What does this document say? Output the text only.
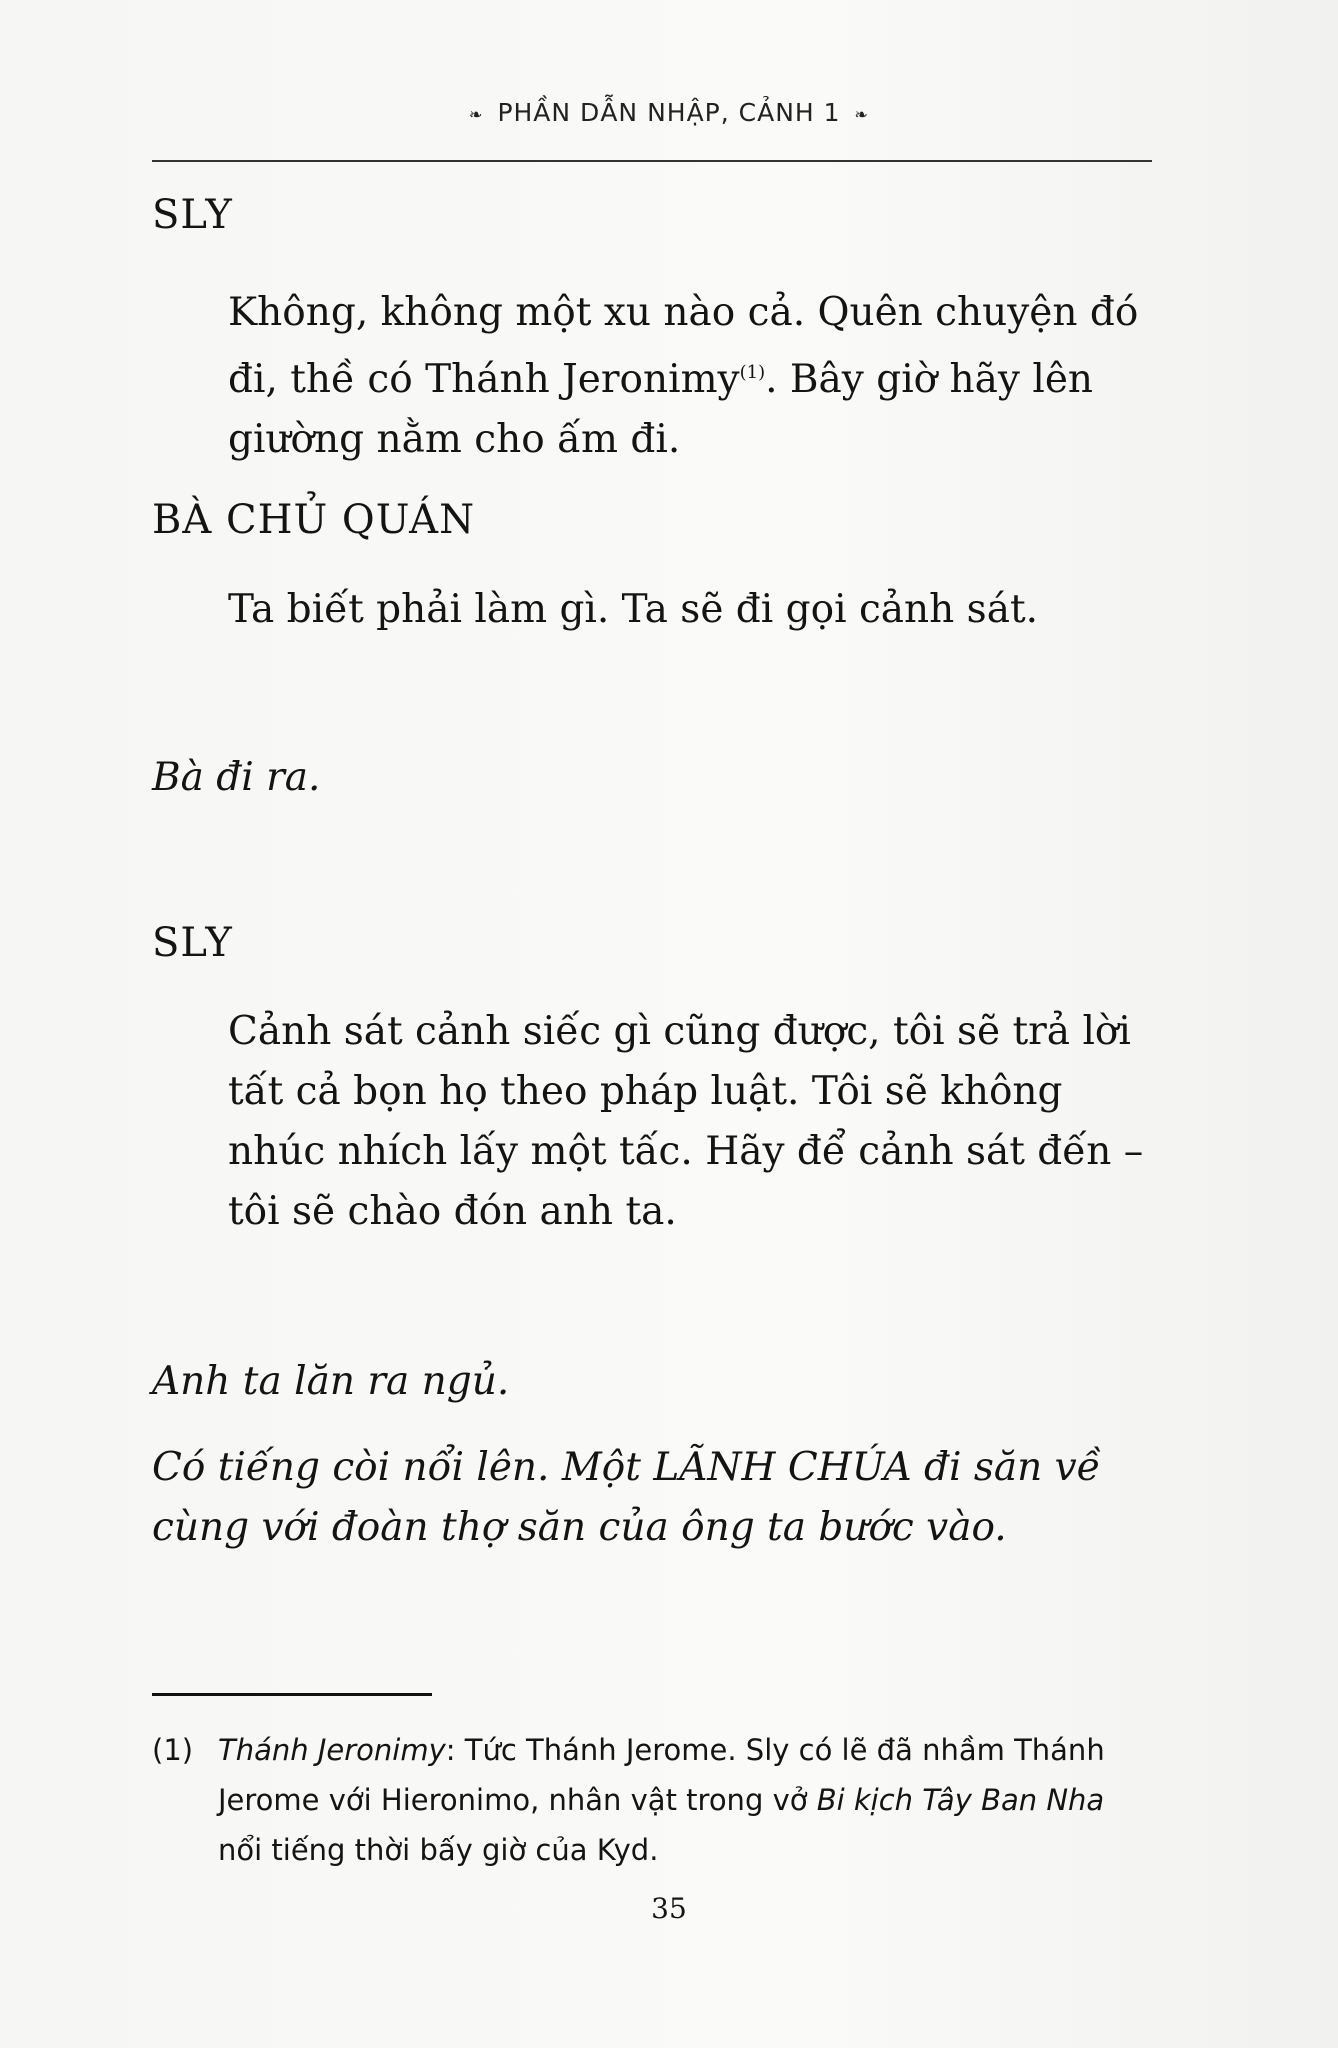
❧ PHẦN DẪN NHẬP, CẢNH 1 ❧
SLY
Không, không một xu nào cả. Quên chuyện đó đi, thề có Thánh Jeronimy$^{(1)}$. Bây giờ hãy lên giường nằm cho ấm đi.
BÀ CHỦ QUÁN
Ta biết phải làm gì. Ta sẽ đi gọi cảnh sát.
Bà đi ra.
SLY
Cảnh sát cảnh siếc gì cũng được, tôi sẽ trả lời tất cả bọn họ theo pháp luật. Tôi sẽ không nhúc nhích lấy một tấc. Hãy để cảnh sát đến – tôi sẽ chào đón anh ta.
Anh ta lăn ra ngủ.
Có tiếng còi nổi lên. Một LÃNH CHÚA đi săn về cùng với đoàn thợ săn của ông ta bước vào.
(1) Thánh Jeronimy: Tức Thánh Jerome. Sly có lẽ đã nhầm Thánh Jerome với Hieronimo, nhân vật trong vở Bi kịch Tây Ban Nha nổi tiếng thời bấy giờ của Kyd.
35
